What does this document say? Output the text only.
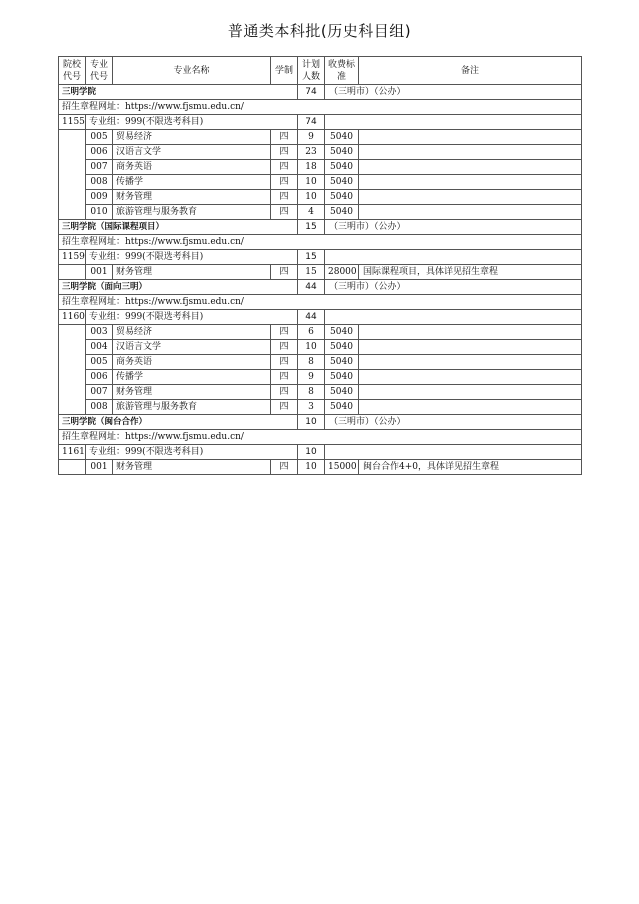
普通类本科批(历史科目组)
院校代号	专业代号	专业名称	学制	计划人数	收费标准	备注
三明学院				74	（三明市）（公办）	
招生章程网址：https://www.fjsmu.edu.cn/						
1155	专业组：999(不限选考科目)			74		
	005	贸易经济	四	9	5040	
	006	汉语言文学	四	23	5040	
	007	商务英语	四	18	5040	
	008	传播学	四	10	5040	
	009	财务管理	四	10	5040	
	010	旅游管理与服务教育	四	4	5040	
三明学院（国际课程项目）				15	（三明市）（公办）	
招生章程网址：https://www.fjsmu.edu.cn/						
1159	专业组：999(不限选考科目)			15		
	001	财务管理	四	15	28000	国际课程项目，具体详见招生章程
三明学院（面向三明）				44	（三明市）（公办）	
招生章程网址：https://www.fjsmu.edu.cn/						
1160	专业组：999(不限选考科目)			44		
	003	贸易经济	四	6	5040	
	004	汉语言文学	四	10	5040	
	005	商务英语	四	8	5040	
	006	传播学	四	9	5040	
	007	财务管理	四	8	5040	
	008	旅游管理与服务教育	四	3	5040	
三明学院（闽台合作）				10	（三明市）（公办）	
招生章程网址：https://www.fjsmu.edu.cn/						
1161	专业组：999(不限选考科目)			10		
	001	财务管理	四	10	15000	闽台合作4+0，具体详见招生章程
